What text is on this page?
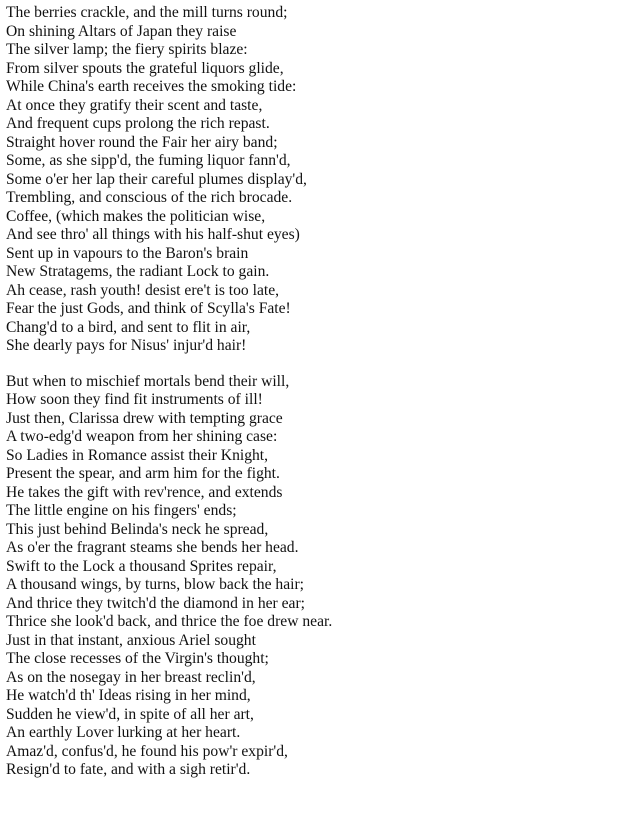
The berries crackle, and the mill turns round;
On shining Altars of Japan they raise
The silver lamp; the fiery spirits blaze:
From silver spouts the grateful liquors glide,
While China's earth receives the smoking tide:
At once they gratify their scent and taste,
And frequent cups prolong the rich repast.
Straight hover round the Fair her airy band;
Some, as she sipp'd, the fuming liquor fann'd,
Some o'er her lap their careful plumes display'd,
Trembling, and conscious of the rich brocade.
Coffee, (which makes the politician wise,
And see thro' all things with his half-shut eyes)
Sent up in vapours to the Baron's brain
New Stratagems, the radiant Lock to gain.
Ah cease, rash youth! desist ere't is too late,
Fear the just Gods, and think of Scylla's Fate!
Chang'd to a bird, and sent to flit in air,
She dearly pays for Nisus' injur'd hair!
But when to mischief mortals bend their will,
How soon they find fit instruments of ill!
Just then, Clarissa drew with tempting grace
A two-edg'd weapon from her shining case:
So Ladies in Romance assist their Knight,
Present the spear, and arm him for the fight.
He takes the gift with rev'rence, and extends
The little engine on his fingers' ends;
This just behind Belinda's neck he spread,
As o'er the fragrant steams she bends her head.
Swift to the Lock a thousand Sprites repair,
A thousand wings, by turns, blow back the hair;
And thrice they twitch'd the diamond in her ear;
Thrice she look'd back, and thrice the foe drew near.
Just in that instant, anxious Ariel sought
The close recesses of the Virgin's thought;
As on the nosegay in her breast reclin'd,
He watch'd th' Ideas rising in her mind,
Sudden he view'd, in spite of all her art,
An earthly Lover lurking at her heart.
Amaz'd, confus'd, he found his pow'r expir'd,
Resign'd to fate, and with a sigh retir'd.
